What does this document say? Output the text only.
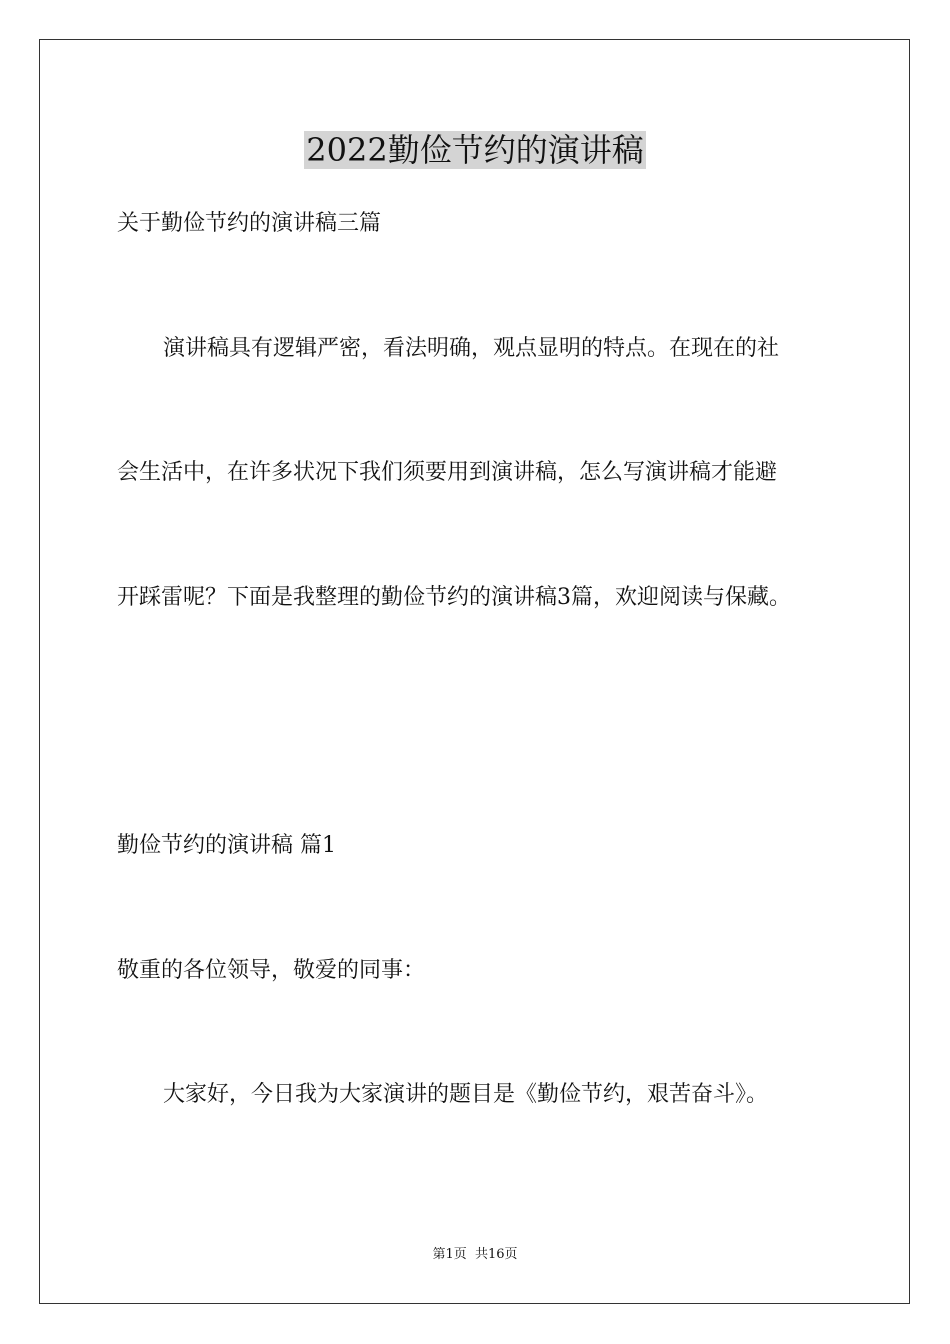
2022勤俭节约的演讲稿

关于勤俭节约的演讲稿三篇

演讲稿具有逻辑严密，看法明确，观点显明的特点。在现在的社

会生活中，在许多状况下我们须要用到演讲稿，怎么写演讲稿才能避

开踩雷呢？下面是我整理的勤俭节约的演讲稿3篇，欢迎阅读与保藏。

勤俭节约的演讲稿 篇1

敬重的各位领导，敬爱的同事：

大家好，今日我为大家演讲的题目是《勤俭节约，艰苦奋斗》。

第1页  共16页
